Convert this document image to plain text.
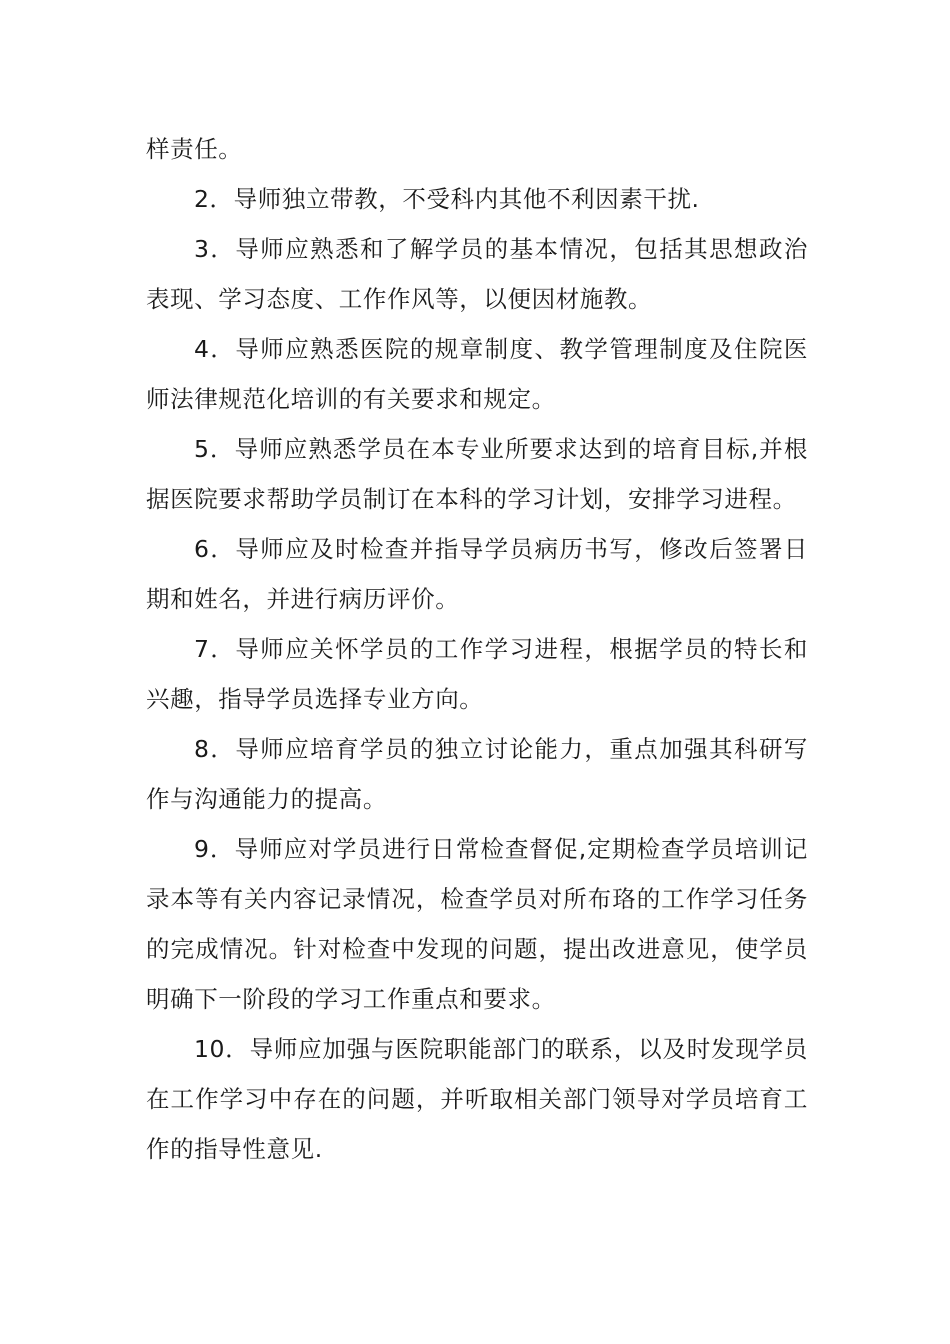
样责任。

2．导师独立带教，不受科内其他不利因素干扰.

3．导师应熟悉和了解学员的基本情况，包括其思想政治表现、学习态度、工作作风等，以便因材施教。

4．导师应熟悉医院的规章制度、教学管理制度及住院医师法律规范化培训的有关要求和规定。

5．导师应熟悉学员在本专业所要求达到的培育目标,并根据医院要求帮助学员制订在本科的学习计划，安排学习进程。

6．导师应及时检查并指导学员病历书写，修改后签署日期和姓名，并进行病历评价。

7．导师应关怀学员的工作学习进程，根据学员的特长和兴趣，指导学员选择专业方向。

8．导师应培育学员的独立讨论能力，重点加强其科研写作与沟通能力的提高。

9．导师应对学员进行日常检查督促,定期检查学员培训记录本等有关内容记录情况，检查学员对所布珞的工作学习任务的完成情况。针对检查中发现的问题，提出改进意见，使学员明确下一阶段的学习工作重点和要求。

10．导师应加强与医院职能部门的联系，以及时发现学员在工作学习中存在的问题，并听取相关部门领导对学员培育工作的指导性意见.
